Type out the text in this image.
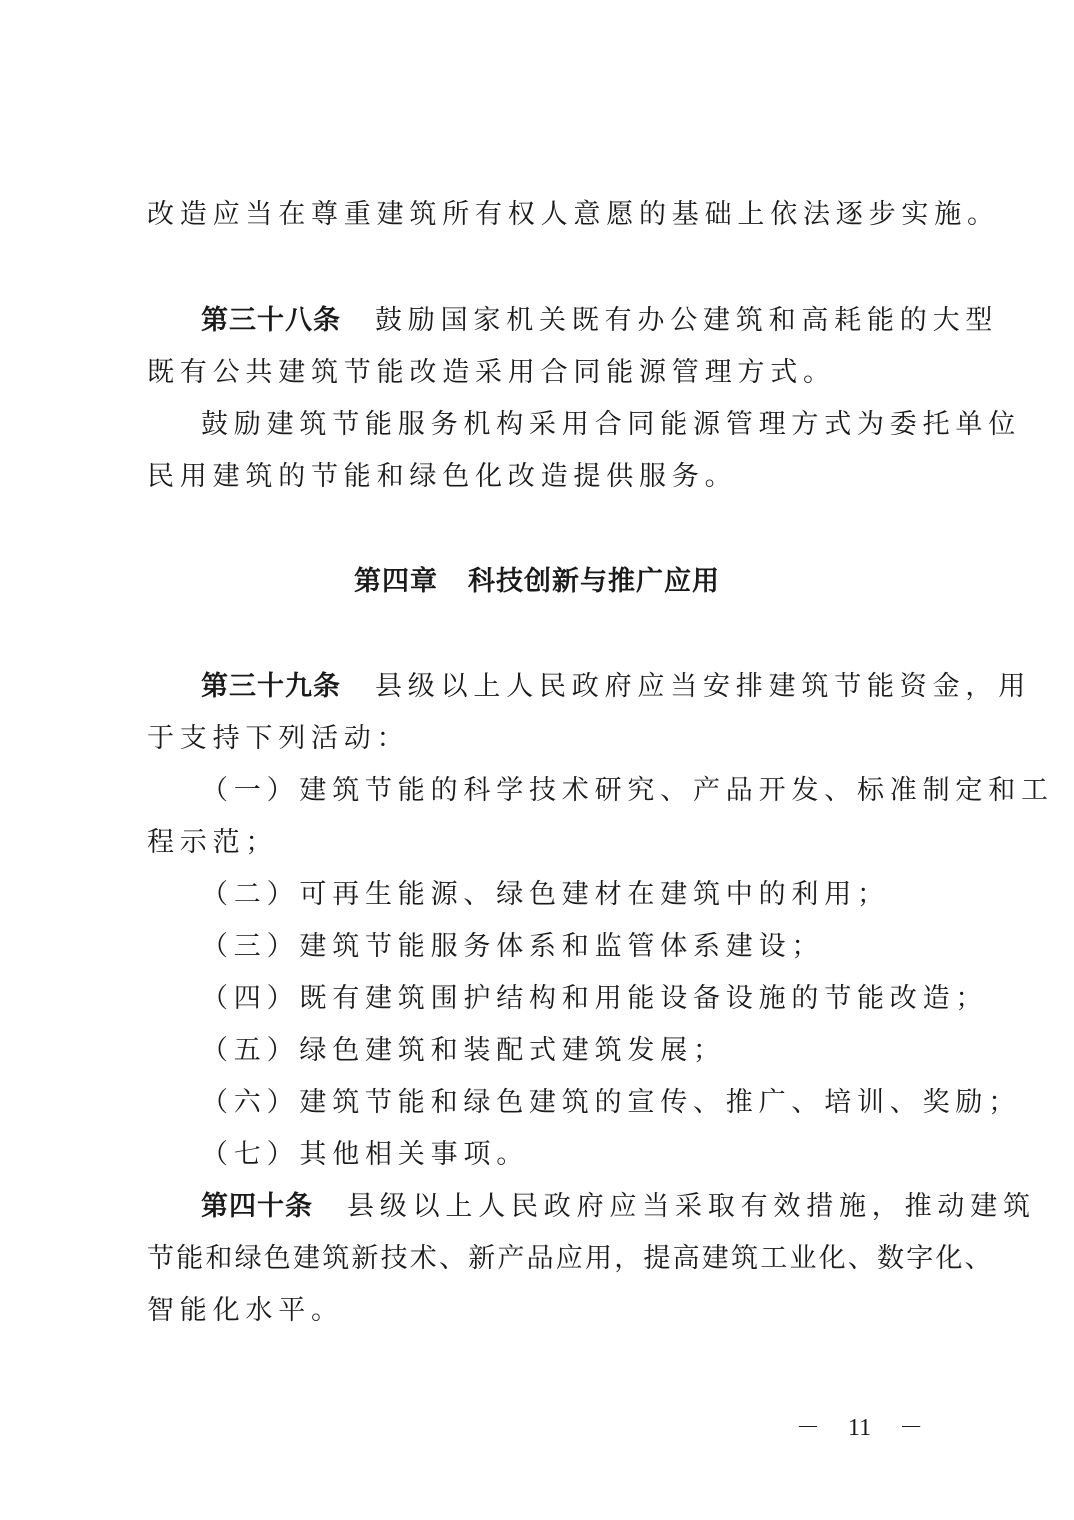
改造应当在尊重建筑所有权人意愿的基础上依法逐步实施。
第三十八条 鼓励国家机关既有办公建筑和高耗能的大型
既有公共建筑节能改造采用合同能源管理方式。
鼓励建筑节能服务机构采用合同能源管理方式为委托单位
民用建筑的节能和绿色化改造提供服务。
第四章 科技创新与推广应用
第三十九条 县级以上人民政府应当安排建筑节能资金，用
于支持下列活动：
（一）建筑节能的科学技术研究、产品开发、标准制定和工
程示范；
（二）可再生能源、绿色建材在建筑中的利用；
（三）建筑节能服务体系和监管体系建设；
（四）既有建筑围护结构和用能设备设施的节能改造；
（五）绿色建筑和装配式建筑发展；
（六）建筑节能和绿色建筑的宣传、推广、培训、奖励；
（七）其他相关事项。
第四十条 县级以上人民政府应当采取有效措施，推动建筑
节能和绿色建筑新技术、新产品应用，提高建筑工业化、数字化、
智能化水平。
－ 11 －
